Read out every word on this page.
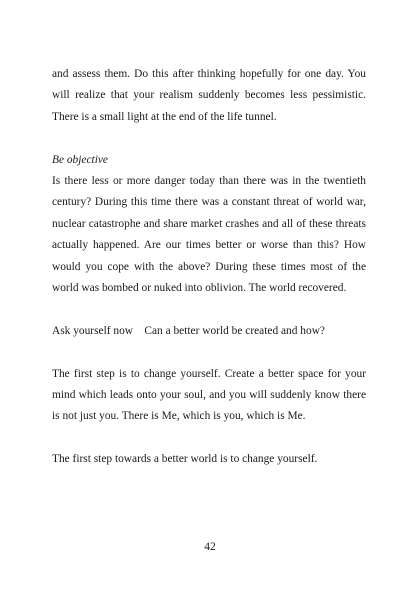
and assess them. Do this after thinking hopefully for one day. You will realize that your realism suddenly becomes less pessimistic. There is a small light at the end of the life tunnel.

Be objective

Is there less or more danger today than there was in the twentieth century? During this time there was a constant threat of world war, nuclear catastrophe and share market crashes and all of these threats actually happened. Are our times better or worse than this? How would you cope with the above? During these times most of the world was bombed or nuked into oblivion. The world recovered.

Ask yourself now    Can a better world be created and how?

The first step is to change yourself. Create a better space for your mind which leads onto your soul, and you will suddenly know there is not just you. There is Me, which is you, which is Me.

The first step towards a better world is to change yourself.

42
